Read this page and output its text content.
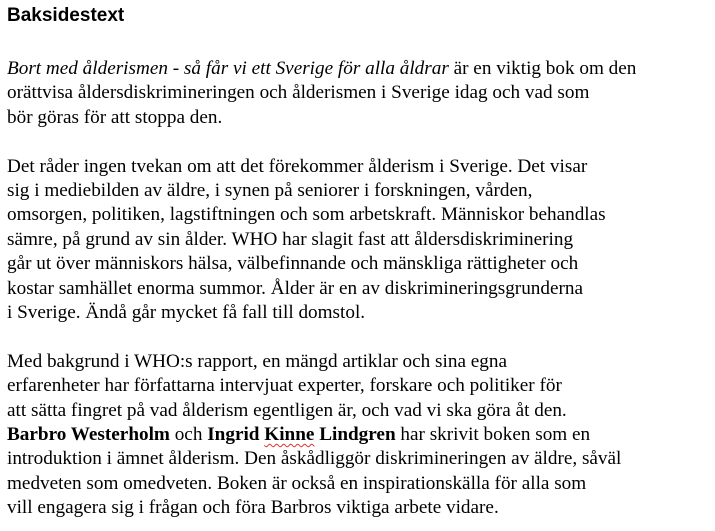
Baksidestext

Bort med ålderismen - så får vi ett Sverige för alla åldrar är en viktig bok om den
orättvisa åldersdiskrimineringen och ålderismen i Sverige idag och vad som
bör göras för att stoppa den.

Det råder ingen tvekan om att det förekommer ålderism i Sverige. Det visar
sig i mediebilden av äldre, i synen på seniorer i forskningen, vården,
omsorgen, politiken, lagstiftningen och som arbetskraft. Människor behandlas
sämre, på grund av sin ålder. WHO har slagit fast att åldersdiskriminering
går ut över människors hälsa, välbefinnande och mänskliga rättigheter och
kostar samhället enorma summor. Ålder är en av diskrimineringsgrunderna
i Sverige. Ändå går mycket få fall till domstol.

Med bakgrund i WHO:s rapport, en mängd artiklar och sina egna
erfarenheter har författarna intervjuat experter, forskare och politiker för
att sätta fingret på vad ålderism egentligen är, och vad vi ska göra åt den.
Barbro Westerholm och Ingrid Kinne Lindgren har skrivit boken som en
introduktion i ämnet ålderism. Den åskådliggör diskrimineringen av äldre, såväl
medveten som omedveten. Boken är också en inspirationskälla för alla som
vill engagera sig i frågan och föra Barbros viktiga arbete vidare.
